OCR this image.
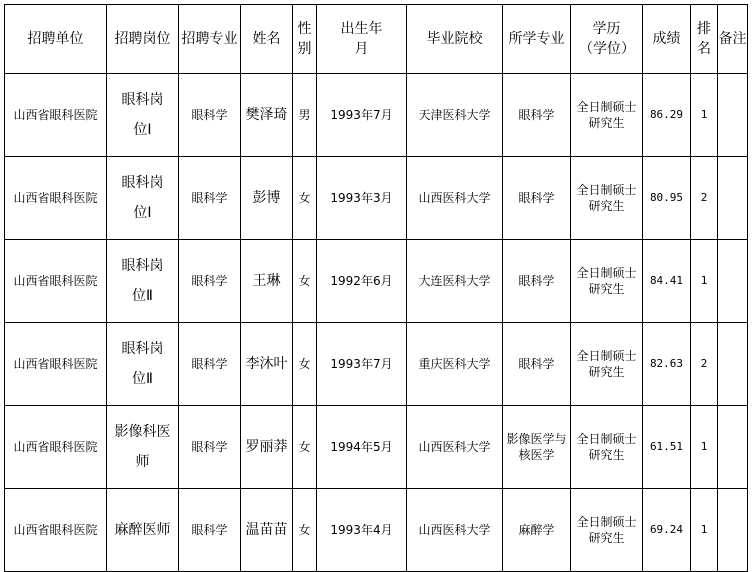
招聘单位	招聘岗位	招聘专业	姓名	性别	出生年月	毕业院校	所学专业	学历（学位）	成绩	排名	备注
山西省眼科医院	眼科岗位Ⅰ	眼科学	樊泽琦	男	1993年7月	天津医科大学	眼科学	全日制硕士研究生	86.29	1	
山西省眼科医院	眼科岗位Ⅰ	眼科学	彭博	女	1993年3月	山西医科大学	眼科学	全日制硕士研究生	80.95	2	
山西省眼科医院	眼科岗位Ⅱ	眼科学	王琳	女	1992年6月	大连医科大学	眼科学	全日制硕士研究生	84.41	1	
山西省眼科医院	眼科岗位Ⅱ	眼科学	李沐叶	女	1993年7月	重庆医科大学	眼科学	全日制硕士研究生	82.63	2	
山西省眼科医院	影像科医师	眼科学	罗丽莽	女	1994年5月	山西医科大学	影像医学与核医学	全日制硕士研究生	61.51	1	
山西省眼科医院	麻醉医师	眼科学	温苗苗	女	1993年4月	山西医科大学	麻醉学	全日制硕士研究生	69.24	1	
